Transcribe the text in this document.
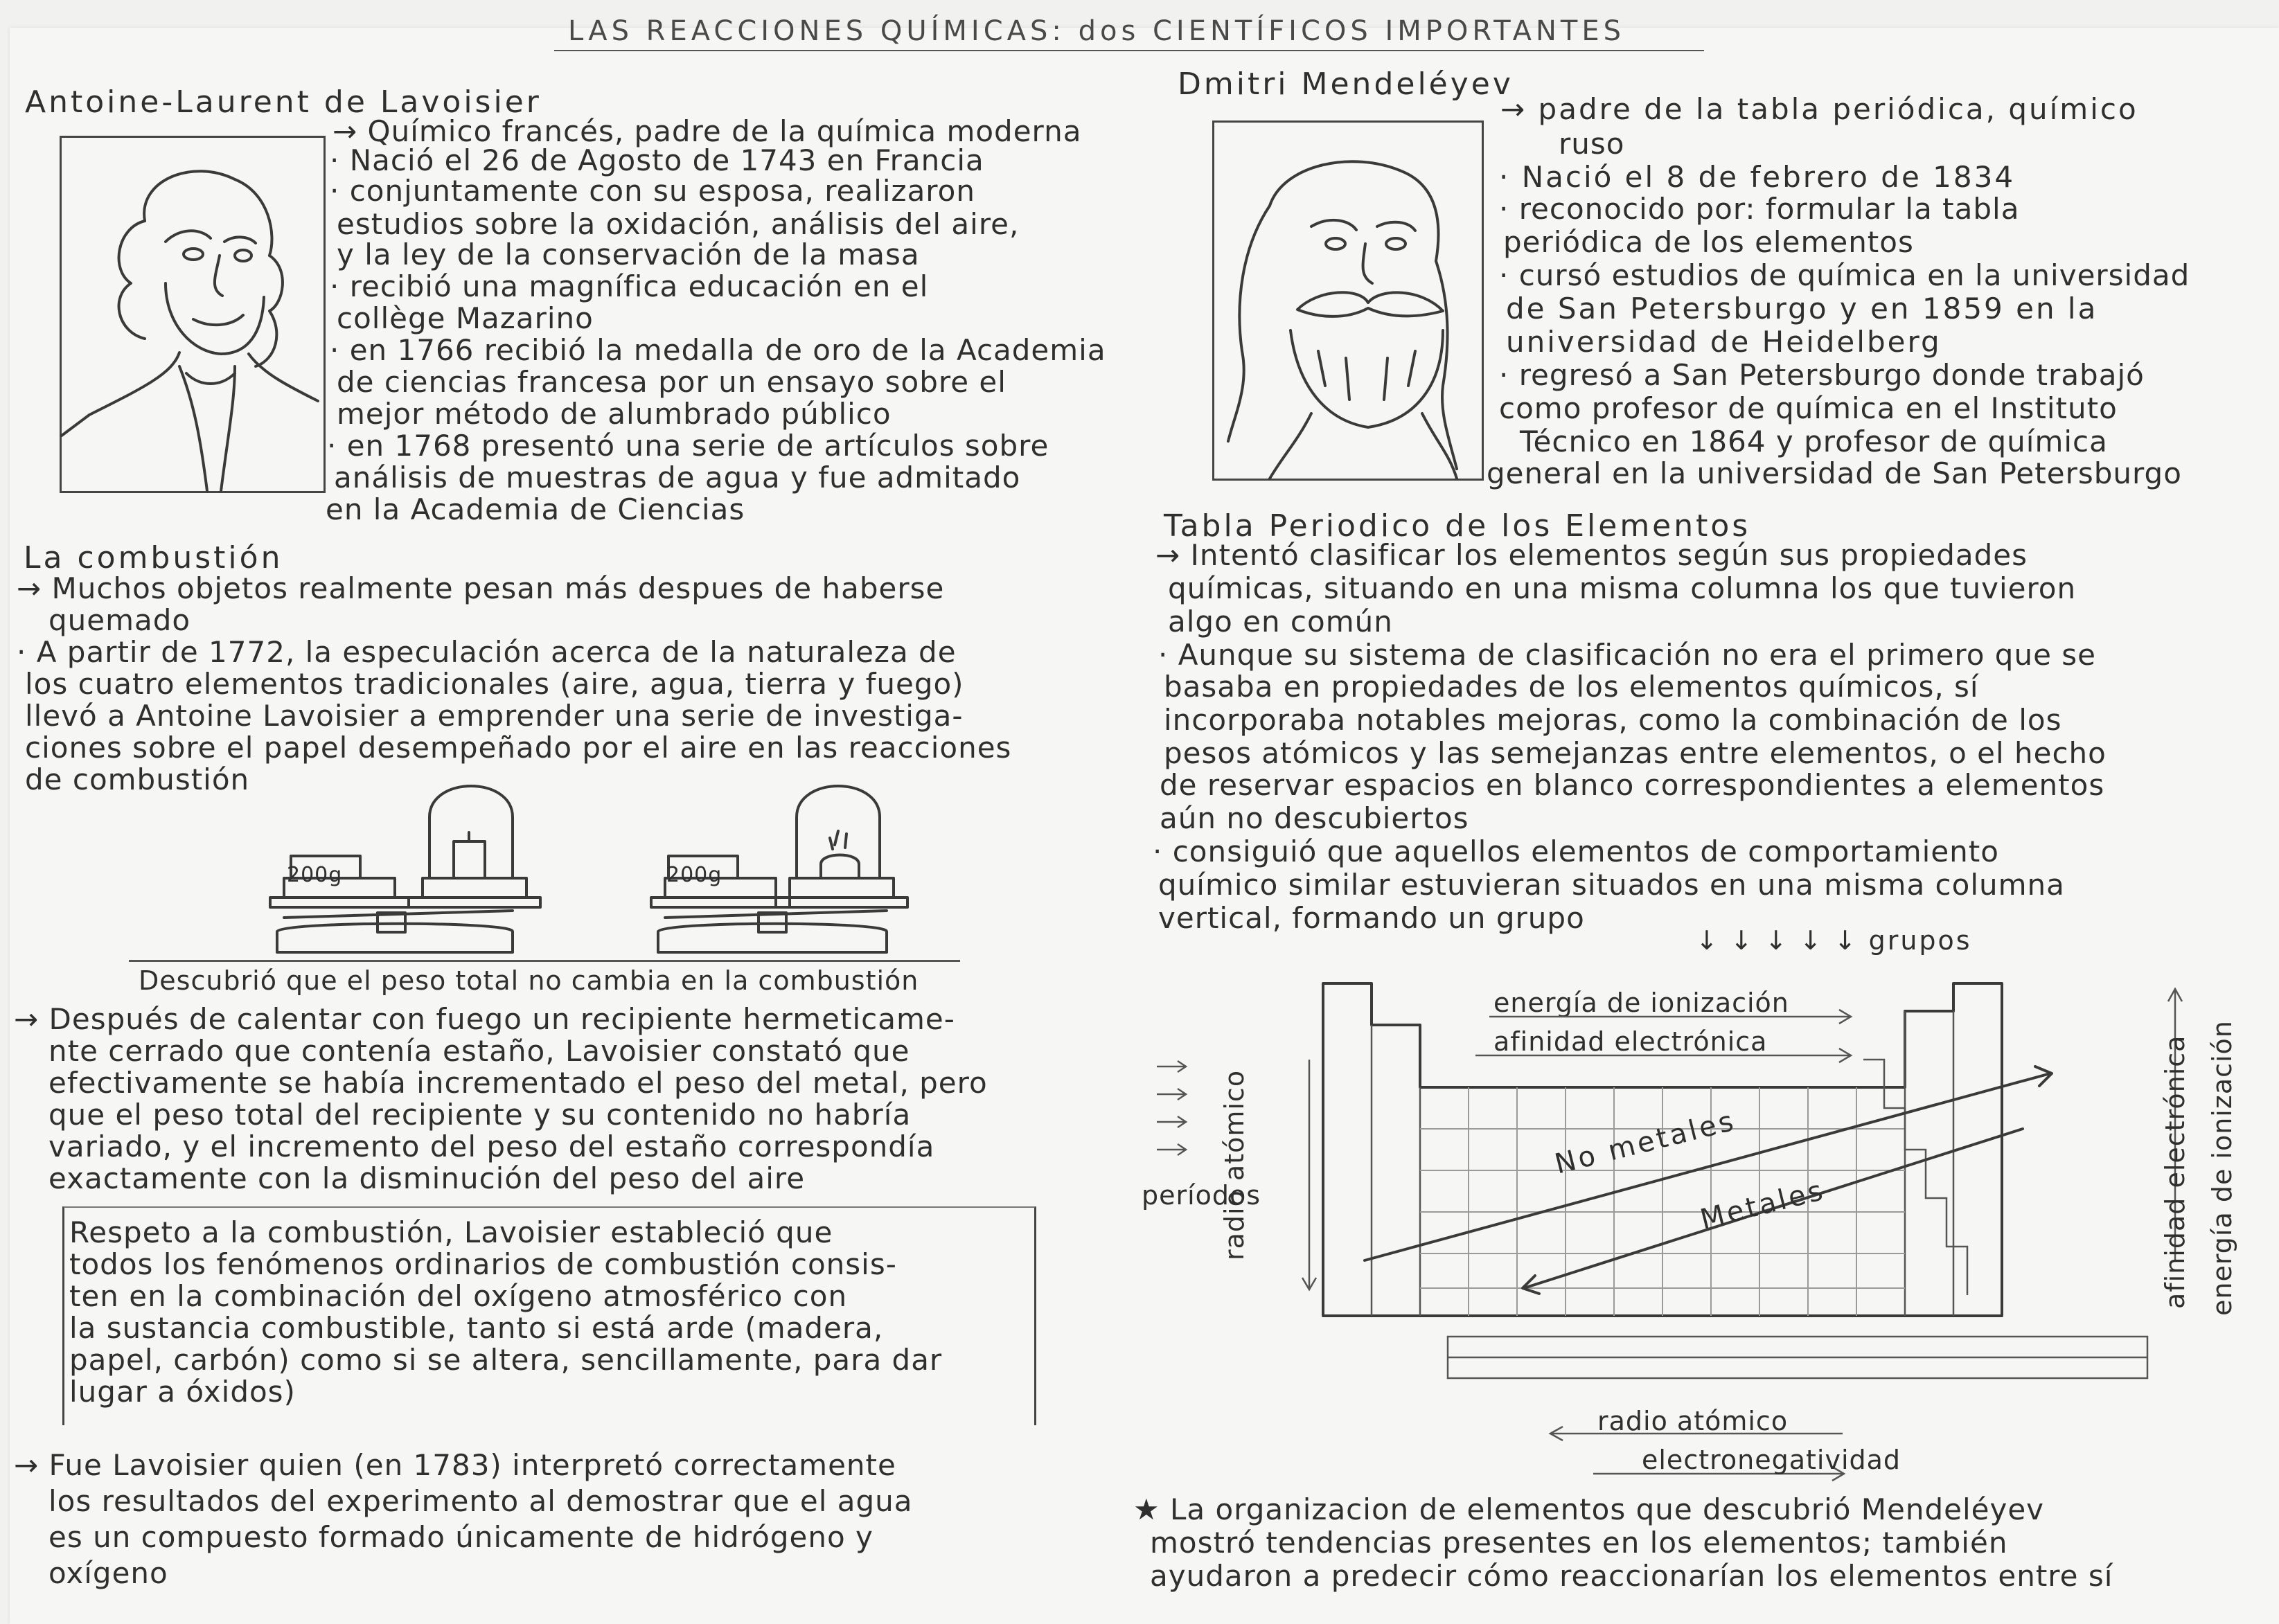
LAS REACCIONES QUÍMICAS: dos CIENTÍFICOS IMPORTANTES
Antoine-Laurent de Lavoisier
→ Químico francés, padre de la química moderna
· Nació el 26 de Agosto de 1743 en Francia
· conjuntamente con su esposa, realizaron
estudios sobre la oxidación, análisis del aire,
y la ley de la conservación de la masa
· recibió una magnífica educación en el
collège Mazarino
· en 1766 recibió la medalla de oro de la Academia
de ciencias francesa por un ensayo sobre el
mejor método de alumbrado público
· en 1768 presentó una serie de artículos sobre
análisis de muestras de agua y fue admitado
en la Academia de Ciencias
La combustión
→ Muchos objetos realmente pesan más despues de haberse
quemado
· A partir de 1772, la especulación acerca de la naturaleza de
los cuatro elementos tradicionales (aire, agua, tierra y fuego)
llevó a Antoine Lavoisier a emprender una serie de investiga-
ciones sobre el papel desempeñado por el aire en las reacciones
de combustión
200g	200g
Descubrió que el peso total no cambia en la combustión
→ Después de calentar con fuego un recipiente hermeticame-
nte cerrado que contenía estaño, Lavoisier constató que
efectivamente se había incrementado el peso del metal, pero
que el peso total del recipiente y su contenido no habría
variado, y el incremento del peso del estaño correspondía
exactamente con la disminución del peso del aire
Respeto a la combustión, Lavoisier estableció que
todos los fenómenos ordinarios de combustión consis-
ten en la combinación del oxígeno atmosférico con
la sustancia combustible, tanto si está arde (madera,
papel, carbón) como si se altera, sencillamente, para dar
lugar a óxidos)
→ Fue Lavoisier quien (en 1783) interpretó correctamente
los resultados del experimento al demostrar que el agua
es un compuesto formado únicamente de hidrógeno y
oxígeno
Dmitri Mendeléyev
→ padre de la tabla periódica, químico
ruso
· Nació el 8 de febrero de 1834
· reconocido por: formular la tabla
periódica de los elementos
· cursó estudios de química en la universidad
de San Petersburgo y en 1859 en la
universidad de Heidelberg
· regresó a San Petersburgo donde trabajó
como profesor de química en el Instituto
Técnico en 1864 y profesor de química
general en la universidad de San Petersburgo
Tabla Periodico de los Elementos
→ Intentó clasificar los elementos según sus propiedades
químicas, situando en una misma columna los que tuvieron
algo en común
· Aunque su sistema de clasificación no era el primero que se
basaba en propiedades de los elementos químicos, sí
incorporaba notables mejoras, como la combinación de los
pesos atómicos y las semejanzas entre elementos, o el hecho
de reservar espacios en blanco correspondientes a elementos
aún no descubiertos
· consiguió que aquellos elementos de comportamiento
químico similar estuvieran situados en una misma columna
vertical, formando un grupo
↓ ↓ ↓ ↓ ↓ grupos
energía de ionización
afinidad electrónica
períodos
radio atómico	No metales
Metales	afinidad electrónica energía de ionización
radio atómico
electronegatividad
★ La organizacion de elementos que descubrió Mendeléyev
mostró tendencias presentes en los elementos; también
ayudaron a predecir cómo reaccionarían los elementos entre sí
